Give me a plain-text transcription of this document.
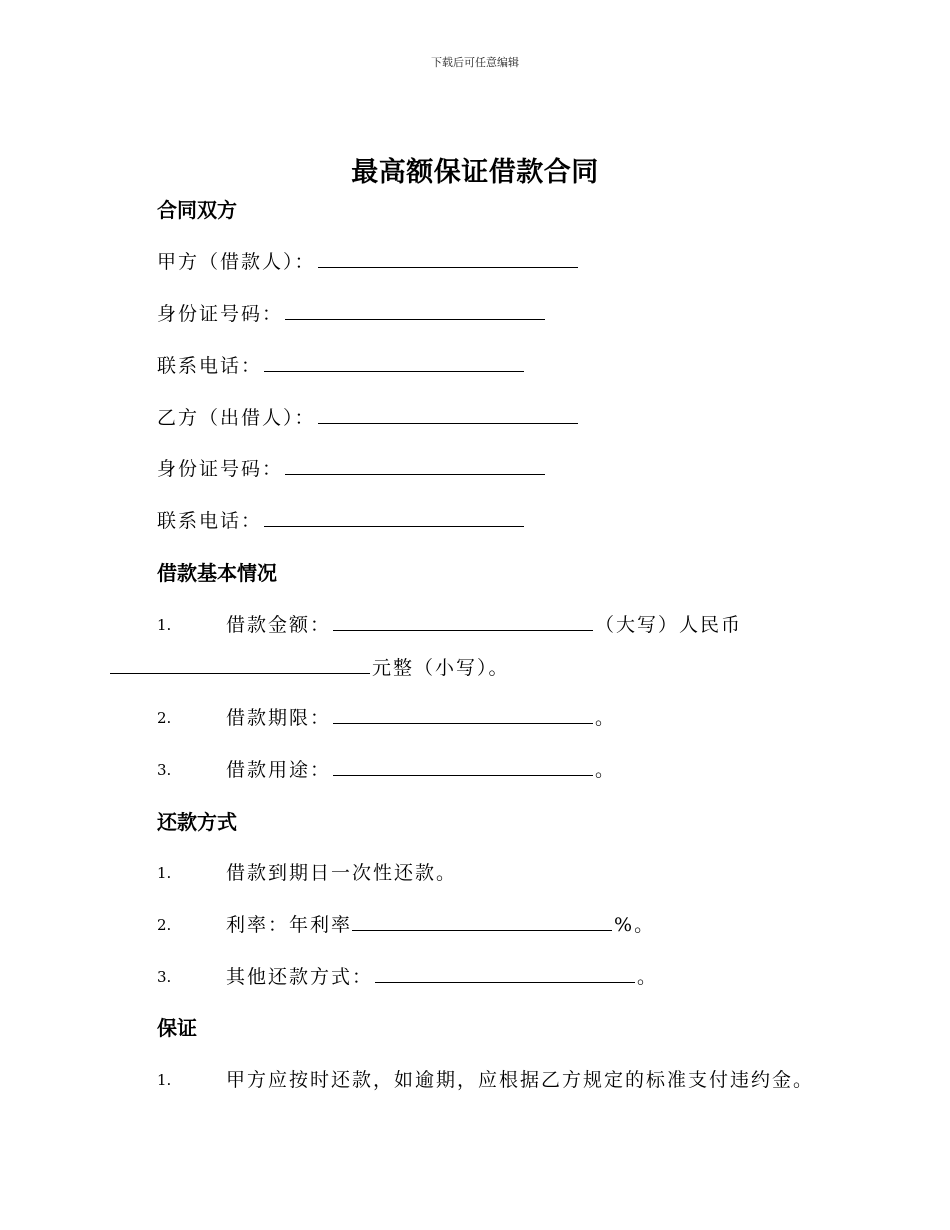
下载后可任意编辑
最高额保证借款合同
合同双方
甲方（借款人）：
身份证号码：
联系电话：
乙方（出借人）：
身份证号码：
联系电话：
借款基本情况
1.	借款金额：	（大写）人民币
元整（小写）。
2.	借款期限：	。
3.	借款用途：	。
还款方式
1.	借款到期日一次性还款。
2.	利率：年利率	%。
3.	其他还款方式：	。
保证
1.	甲方应按时还款，如逾期，应根据乙方规定的标准支付违约金。
